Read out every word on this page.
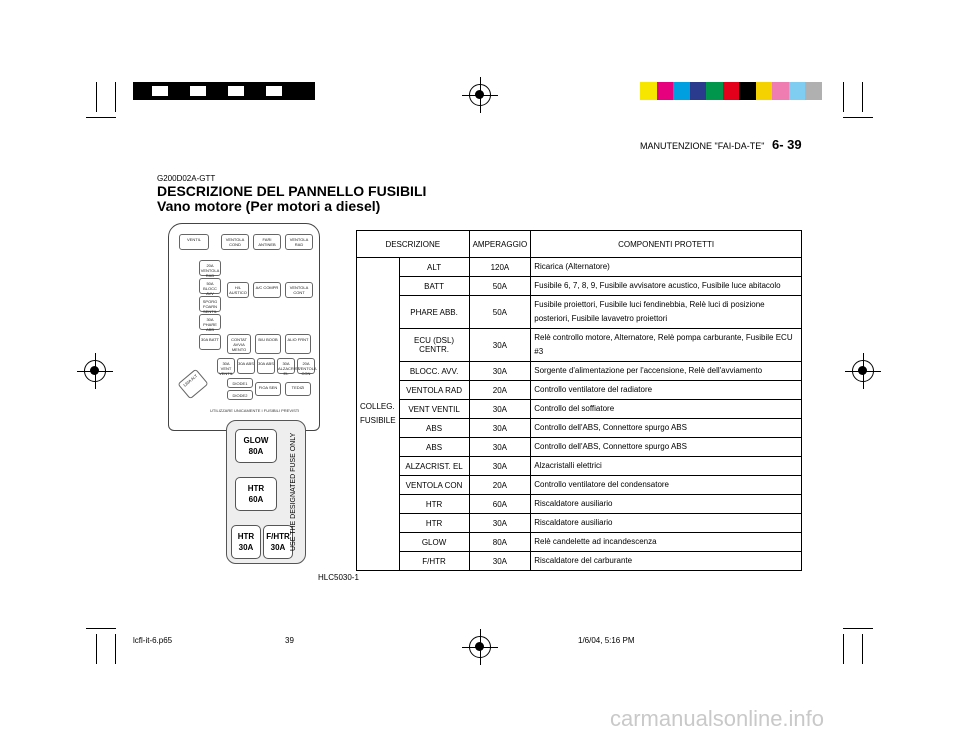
MANUTENZIONE "FAI-DA-TE" 6- 39
G200D02A-GTT
DESCRIZIONE DEL PANNELLO FUSIBILI
Vano motore (Per motori a diesel)
VENTIL	VENTOLA COND
FARI ANTINEB
VENTOLA RAD
20A VENTOLA RAD
50A BLOCC AVV
SPORG FOARN SENTIL
30A PHARE ABB
30A BATT
A/C COMPR	VENTOLA CONT
CONTAT AVVIA MENTO
B/U BOOB	ALIO FRNT
30A VENT VENTIL
30A ABS 30A ABS	30A ALZACRIST EL
20A VENTOLA CON
DIODE1
DIODE2
FIOA SEN	TEDIZI
120A ALT
H/L AUSTICO
UTILIZZARE UNICAMENTE I FUSIBILI PREVISTI
GLOW
80A
HTR
60A
HTR
30A
F/HTR
30A USE THE DESIGNATED FUSE ONLY
HLC5030-1
DESCRIZIONE		AMPERAGGIO	COMPONENTI PROTETTI
COLLEG. FUSIBILE	ALT	120A	Ricarica (Alternatore)
	BATT	50A	Fusibile 6, 7, 8, 9, Fusibile avvisatore acustico, Fusibile luce abitacolo
	PHARE ABB.	50A	Fusibile proiettori, Fusibile luci fendinebbia, Relè luci di posizione posteriori, Fusibile lavavetro proiettori
	ECU (DSL) CENTR.	30A	Relè controllo motore, Alternatore, Relè pompa carburante, Fusibile ECU #3
	BLOCC. AVV.	30A	Sorgente d'alimentazione per l'accensione, Relè dell'avviamento
	VENTOLA RAD	20A	Controllo ventilatore del radiatore
	VENT VENTIL	30A	Controllo del soffiatore
	ABS	30A	Controllo dell'ABS, Connettore spurgo ABS
	ABS	30A	Controllo dell'ABS, Connettore spurgo ABS
	ALZACRIST. EL	30A	Alzacristalli elettrici
	VENTOLA CON	20A	Controllo ventilatore del condensatore
	HTR	60A	Riscaldatore ausiliario
	HTR	30A	Riscaldatore ausiliario
	GLOW	80A	Relè candelette ad incandescenza
	F/HTR	30A	Riscaldatore del carburante
lcfl-it-6.p65	39	1/6/04, 5:16 PM
carmanualsonline.info
